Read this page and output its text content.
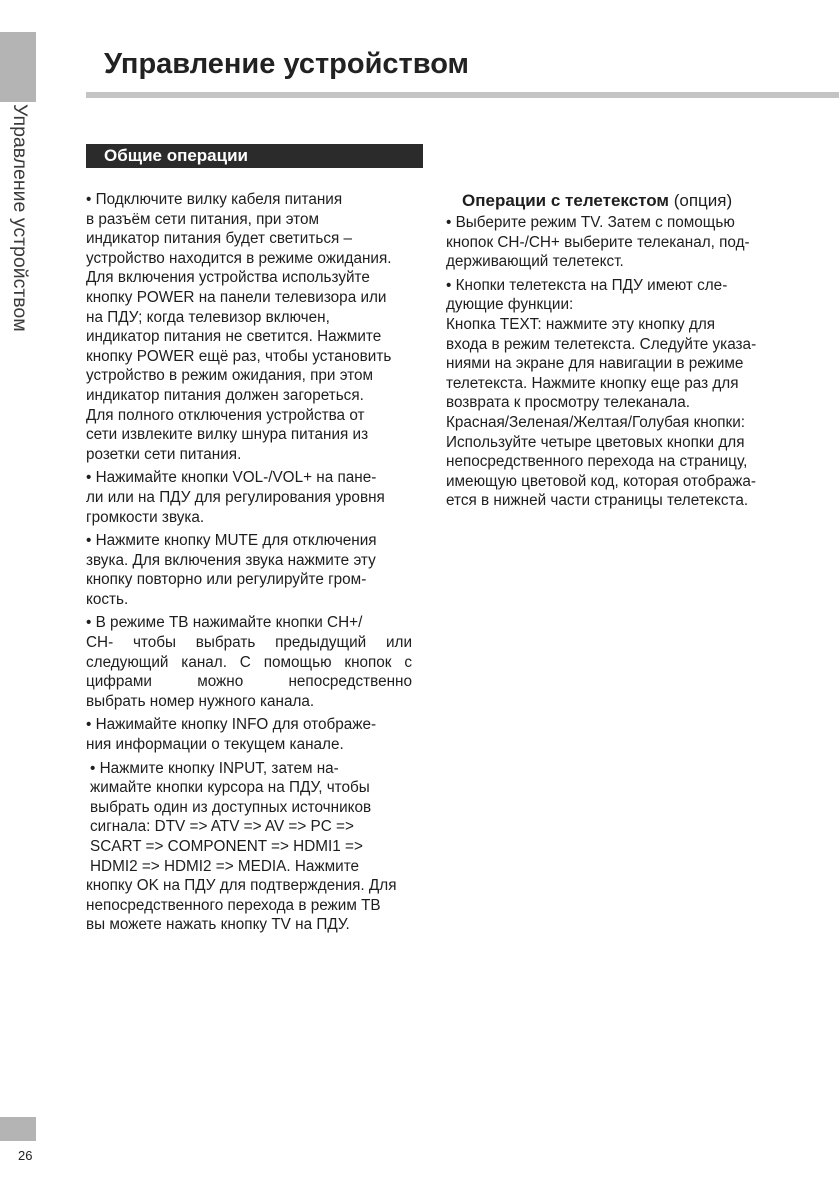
Управление устройством
Управление устройством
Общие операции

• Подключите вилку кабеля питания
в разъём сети питания, при этом
индикатор питания будет светиться –
устройство находится в режиме ожидания.
Для включения устройства используйте
кнопку POWER на панели телевизора или
на ПДУ; когда телевизор включен,
индикатор питания не светится. Нажмите
кнопку POWER ещё раз, чтобы установить
устройство в режим ожидания, при этом
индикатор питания должен загореться.
Для полного отключения устройства от
сети извлеките вилку шнура питания из
розетки сети питания.

• Нажимайте кнопки VOL-/VOL+ на пане-
ли или на ПДУ для регулирования уровня
громкости звука.

• Нажмите кнопку MUTE для отключения
звука. Для включения звука нажмите эту
кнопку повторно или регулируйте гром-
кость.

• В режиме ТВ нажимайте кнопки CH+/

CH- чтобы выбрать предыдущий или

следующий канал. С помощью кнопок с

цифрами можно непосредственно

выбрать номер нужного канала.

• Нажимайте кнопку INFO для отображе-
ния информации о текущем канале.

• Нажмите кнопку INPUT, затем на-
жимайте кнопки курсора на ПДУ, чтобы
выбрать один из доступных источников
сигнала: DTV => ATV => AV => PC =>
SCART => COMPONENT => HDMI1 =>
HDMI2 => HDMI2 => MEDIA. Нажмите

кнопку OK на ПДУ для подтверждения. Для
непосредственного перехода в режим ТВ
вы можете нажать кнопку TV на ПДУ.

Операции с телетекстом (опция)

• Выберите режим TV. Затем с помощью
кнопок CH-/CH+ выберите телеканал, под-
держивающий телетекст.

• Кнопки телетекста на ПДУ имеют сле-
дующие функции:

Кнопка TEXT: нажмите эту кнопку для
входа в режим телетекста. Следуйте указа-
ниями на экране для навигации в режиме
телетекста. Нажмите кнопку еще раз для
возврата к просмотру телеканала.

Красная/Зеленая/Желтая/Голубая кнопки:
Используйте четыре цветовых кнопки для
непосредственного перехода на страницу,
имеющую цветовой код, которая отобража-
ется в нижней части страницы телетекста.

26
